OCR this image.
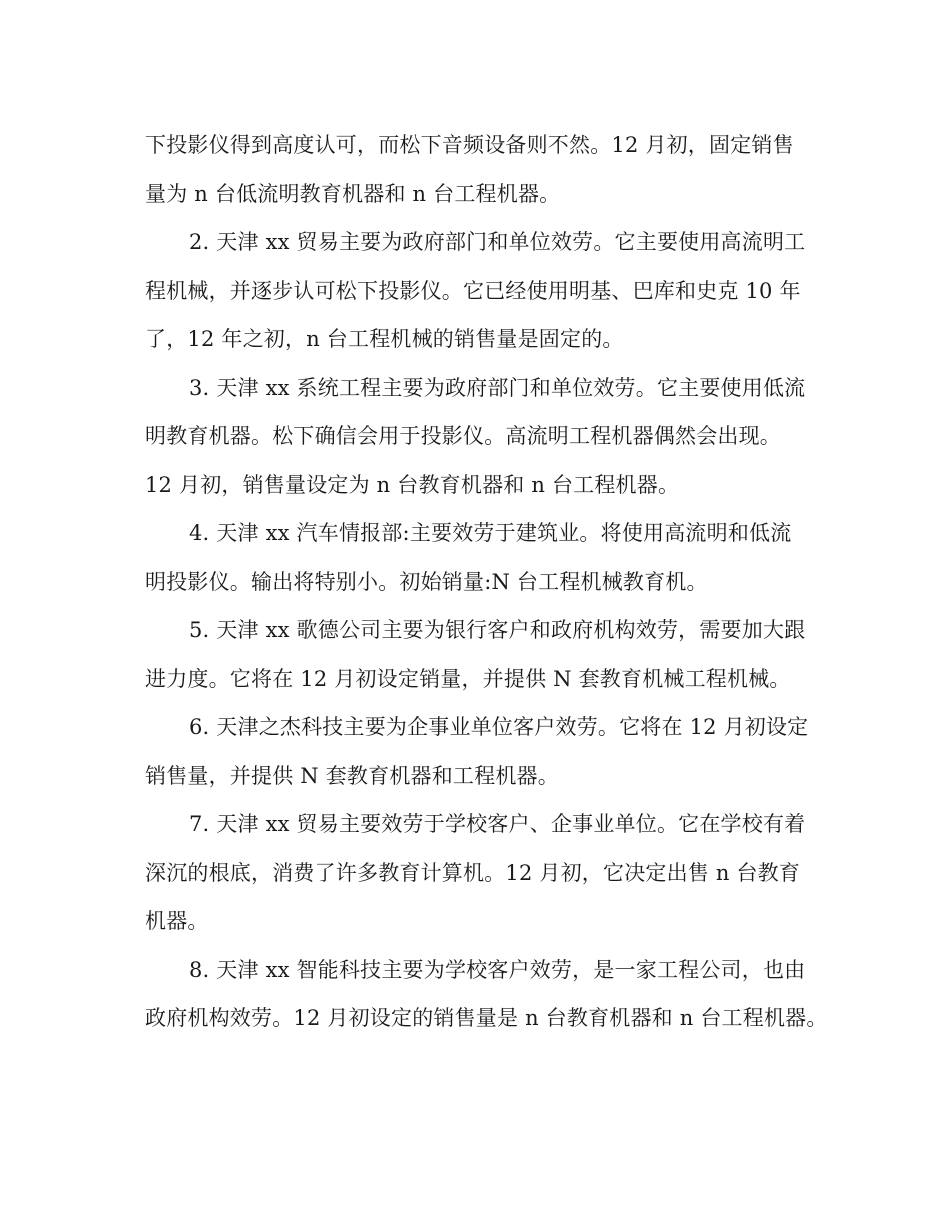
下投影仪得到高度认可，而松下音频设备则不然。12 月初，固定销售
量为 n 台低流明教育机器和 n 台工程机器。
2. 天津 xx 贸易主要为政府部门和单位效劳。它主要使用高流明工
程机械，并逐步认可松下投影仪。它已经使用明基、巴库和史克 10 年
了，12 年之初，n 台工程机械的销售量是固定的。
3. 天津 xx 系统工程主要为政府部门和单位效劳。它主要使用低流
明教育机器。松下确信会用于投影仪。高流明工程机器偶然会出现。
12 月初，销售量设定为 n 台教育机器和 n 台工程机器。
4. 天津 xx 汽车情报部:主要效劳于建筑业。将使用高流明和低流
明投影仪。输出将特别小。初始销量:N 台工程机械教育机。
5. 天津 xx 歌德公司主要为银行客户和政府机构效劳，需要加大跟
进力度。它将在 12 月初设定销量，并提供 N 套教育机械工程机械。
6. 天津之杰科技主要为企事业单位客户效劳。它将在 12 月初设定
销售量，并提供 N 套教育机器和工程机器。
7. 天津 xx 贸易主要效劳于学校客户、企事业单位。它在学校有着
深沉的根底，消费了许多教育计算机。12 月初，它决定出售 n 台教育
机器。
8. 天津 xx 智能科技主要为学校客户效劳，是一家工程公司，也由
政府机构效劳。12 月初设定的销售量是 n 台教育机器和 n 台工程机器。
